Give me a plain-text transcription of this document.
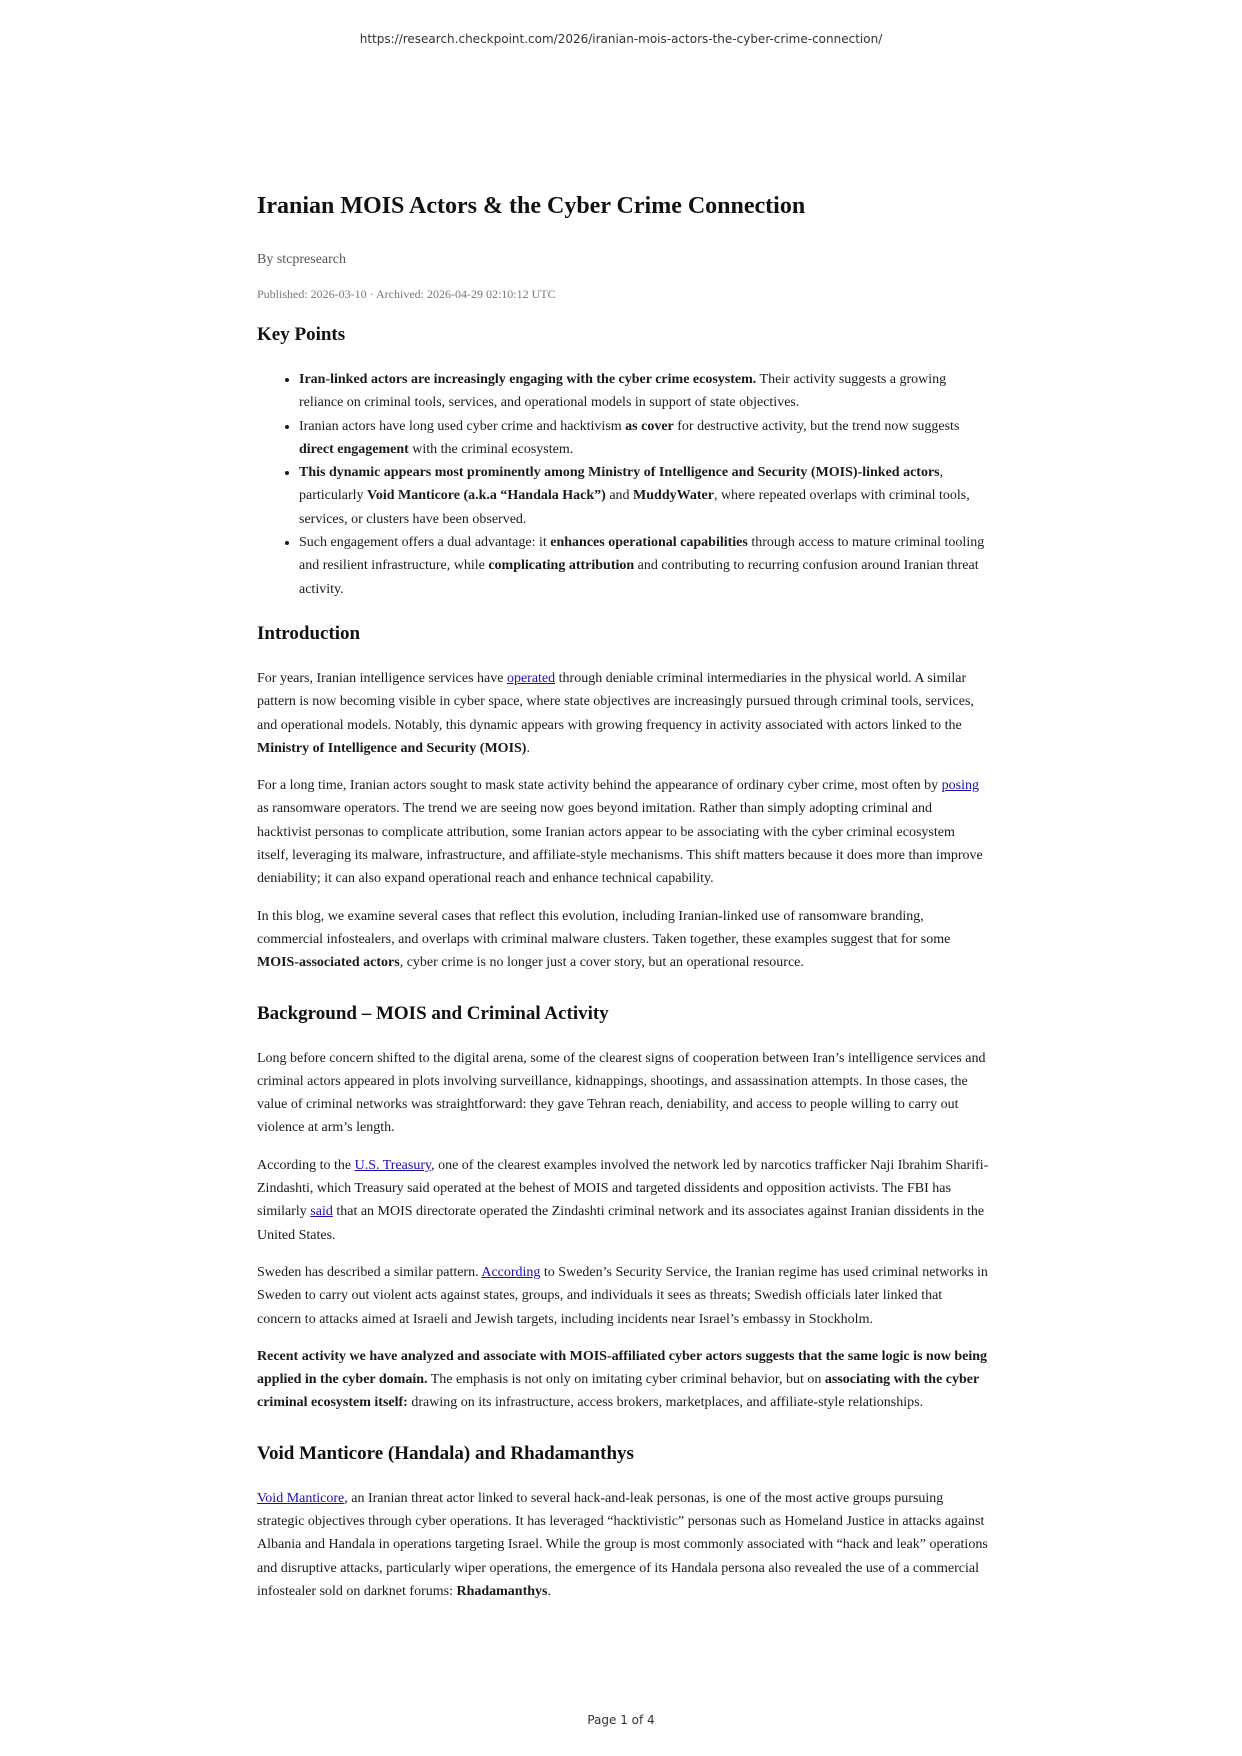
https://research.checkpoint.com/2026/iranian-mois-actors-the-cyber-crime-connection/
Iranian MOIS Actors & the Cyber Crime Connection
By stcpresearch
Published: 2026-03-10 · Archived: 2026-04-29 02:10:12 UTC
Key Points
• Iran-linked actors are increasingly engaging with the cyber crime ecosystem. Their activity suggests a growing reliance on criminal tools, services, and operational models in support of state objectives.
• Iranian actors have long used cyber crime and hacktivism as cover for destructive activity, but the trend now suggests direct engagement with the criminal ecosystem.
• This dynamic appears most prominently among Ministry of Intelligence and Security (MOIS)-linked actors, particularly Void Manticore (a.k.a “Handala Hack”) and MuddyWater, where repeated overlaps with criminal tools, services, or clusters have been observed.
• Such engagement offers a dual advantage: it enhances operational capabilities through access to mature criminal tooling and resilient infrastructure, while complicating attribution and contributing to recurring confusion around Iranian threat activity.
Introduction

For years, Iranian intelligence services have operated through deniable criminal intermediaries in the physical world. A similar pattern is now becoming visible in cyber space, where state objectives are increasingly pursued through criminal tools, services, and operational models. Notably, this dynamic appears with growing frequency in activity associated with actors linked to the Ministry of Intelligence and Security (MOIS).

For a long time, Iranian actors sought to mask state activity behind the appearance of ordinary cyber crime, most often by posing as ransomware operators. The trend we are seeing now goes beyond imitation. Rather than simply adopting criminal and hacktivist personas to complicate attribution, some Iranian actors appear to be associating with the cyber criminal ecosystem itself, leveraging its malware, infrastructure, and affiliate-style mechanisms. This shift matters because it does more than improve deniability; it can also expand operational reach and enhance technical capability.

In this blog, we examine several cases that reflect this evolution, including Iranian-linked use of ransomware branding, commercial infostealers, and overlaps with criminal malware clusters. Taken together, these examples suggest that for some MOIS-associated actors, cyber crime is no longer just a cover story, but an operational resource.

Background – MOIS and Criminal Activity

Long before concern shifted to the digital arena, some of the clearest signs of cooperation between Iran’s intelligence services and criminal actors appeared in plots involving surveillance, kidnappings, shootings, and assassination attempts. In those cases, the value of criminal networks was straightforward: they gave Tehran reach, deniability, and access to people willing to carry out violence at arm’s length.

According to the U.S. Treasury, one of the clearest examples involved the network led by narcotics trafficker Naji Ibrahim Sharifi-Zindashti, which Treasury said operated at the behest of MOIS and targeted dissidents and opposition activists. The FBI has similarly said that an MOIS directorate operated the Zindashti criminal network and its associates against Iranian dissidents in the United States.

Sweden has described a similar pattern. According to Sweden’s Security Service, the Iranian regime has used criminal networks in Sweden to carry out violent acts against states, groups, and individuals it sees as threats; Swedish officials later linked that concern to attacks aimed at Israeli and Jewish targets, including incidents near Israel’s embassy in Stockholm.

Recent activity we have analyzed and associate with MOIS-affiliated cyber actors suggests that the same logic is now being applied in the cyber domain. The emphasis is not only on imitating cyber criminal behavior, but on associating with the cyber criminal ecosystem itself: drawing on its infrastructure, access brokers, marketplaces, and affiliate-style relationships.

Void Manticore (Handala) and Rhadamanthys

Void Manticore, an Iranian threat actor linked to several hack-and-leak personas, is one of the most active groups pursuing strategic objectives through cyber operations. It has leveraged “hacktivistic” personas such as Homeland Justice in attacks against Albania and Handala in operations targeting Israel. While the group is most commonly associated with “hack and leak” operations and disruptive attacks, particularly wiper operations, the emergence of its Handala persona also revealed the use of a commercial infostealer sold on darknet forums: Rhadamanthys.

Page 1 of 4
